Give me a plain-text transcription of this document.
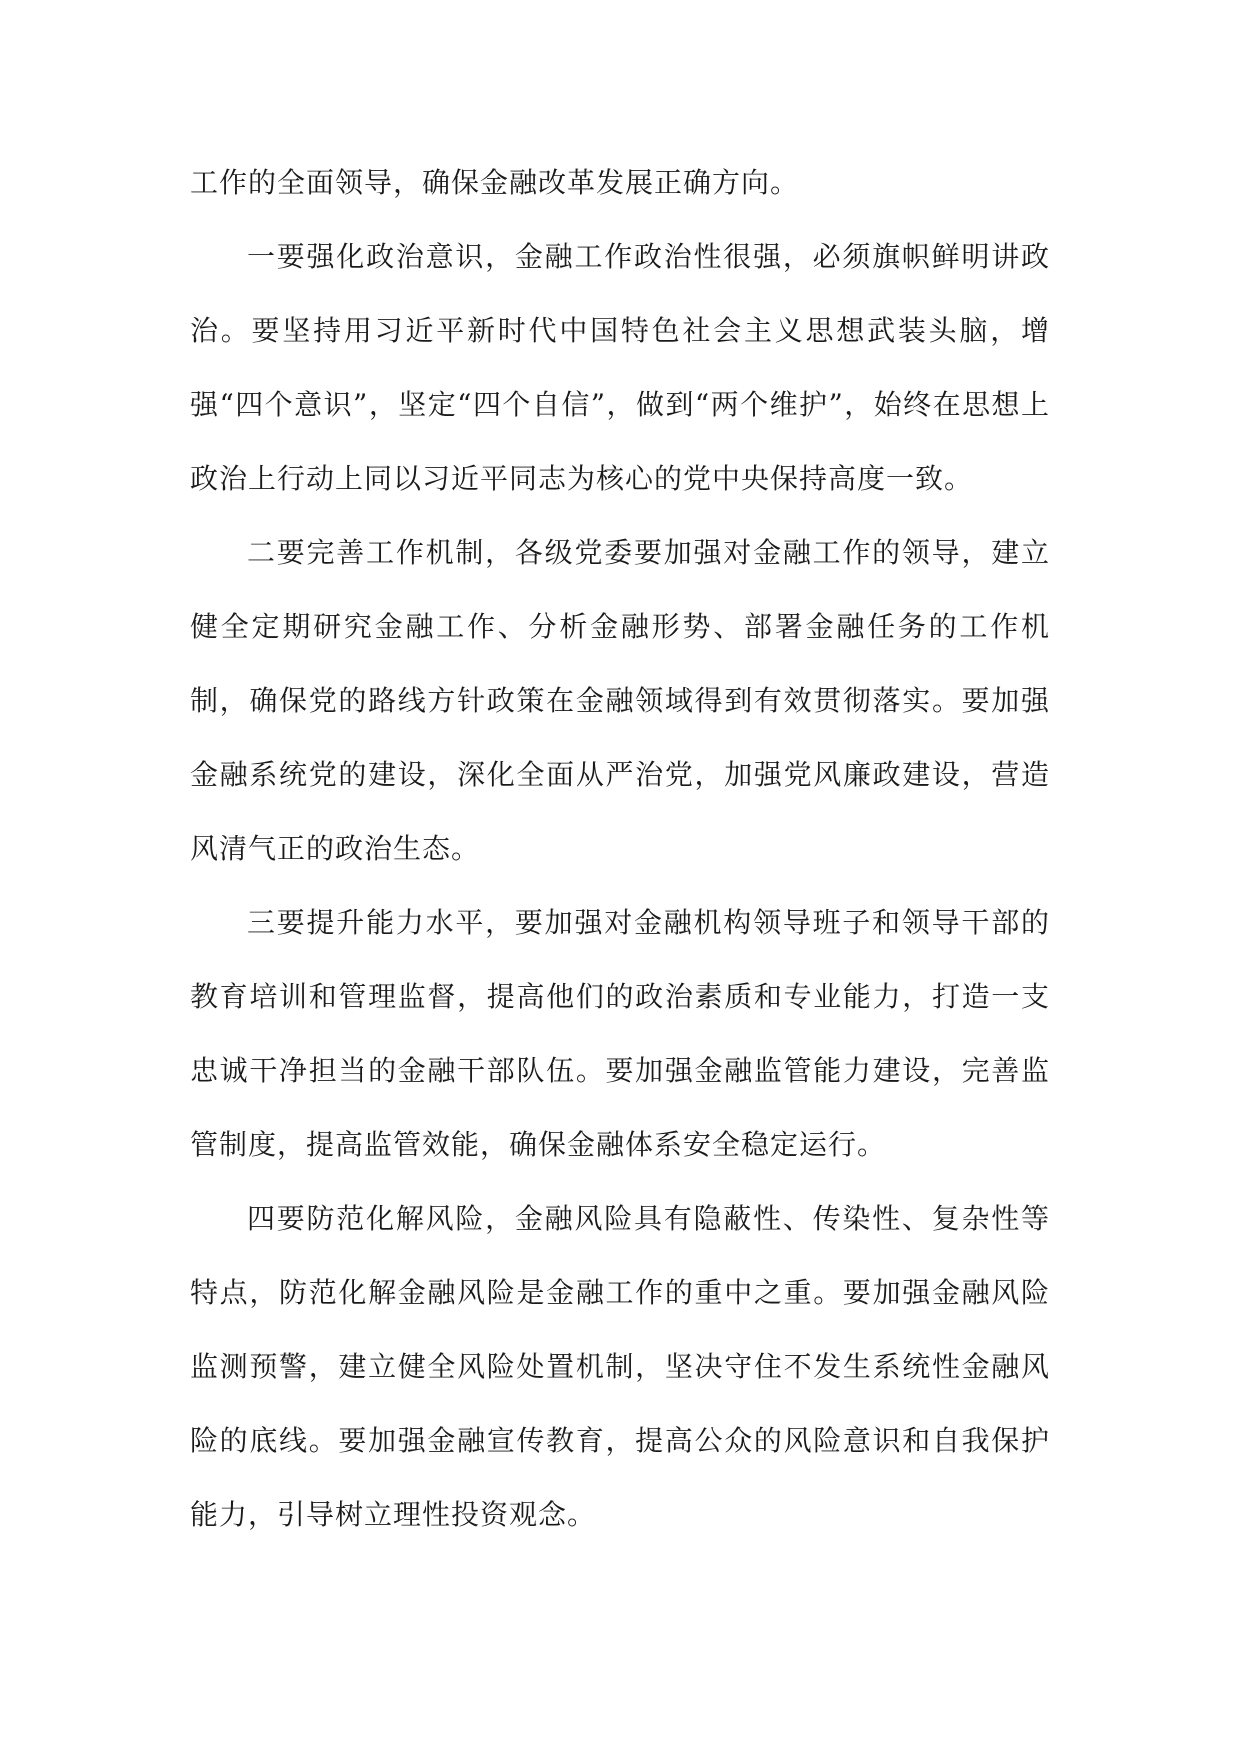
工作的全面领导，确保金融改革发展正确方向。

一要强化政治意识，金融工作政治性很强，必须旗帜鲜明讲政治。要坚持用习近平新时代中国特色社会主义思想武装头脑，增强“四个意识”，坚定“四个自信”，做到“两个维护”，始终在思想上政治上行动上同以习近平同志为核心的党中央保持高度一致。

二要完善工作机制，各级党委要加强对金融工作的领导，建立健全定期研究金融工作、分析金融形势、部署金融任务的工作机制，确保党的路线方针政策在金融领域得到有效贯彻落实。要加强金融系统党的建设，深化全面从严治党，加强党风廉政建设，营造风清气正的政治生态。

三要提升能力水平，要加强对金融机构领导班子和领导干部的教育培训和管理监督，提高他们的政治素质和专业能力，打造一支忠诚干净担当的金融干部队伍。要加强金融监管能力建设，完善监管制度，提高监管效能，确保金融体系安全稳定运行。

四要防范化解风险，金融风险具有隐蔽性、传染性、复杂性等特点，防范化解金融风险是金融工作的重中之重。要加强金融风险监测预警，建立健全风险处置机制，坚决守住不发生系统性金融风险的底线。要加强金融宣传教育，提高公众的风险意识和自我保护能力，引导树立理性投资观念。
